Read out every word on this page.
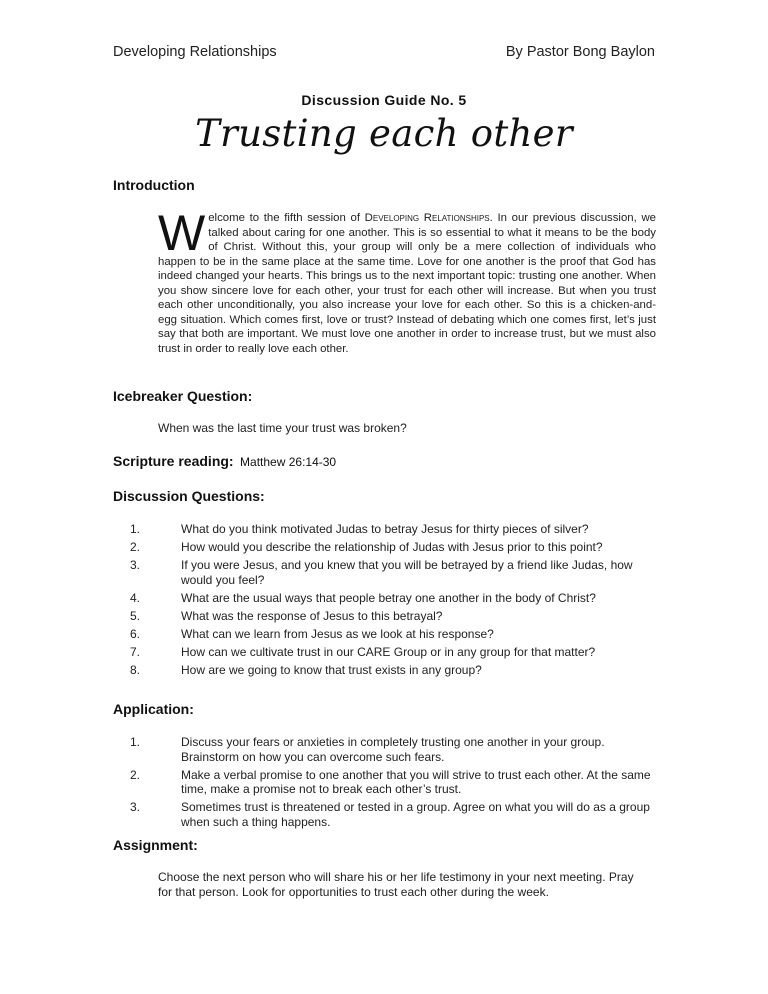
Developing Relationships	By Pastor Bong Baylon
Discussion Guide No. 5
Trusting each other
Introduction
Welcome to the fifth session of Developing Relationships. In our previous discussion, we talked about caring for one another. This is so essential to what it means to be the body of Christ. Without this, your group will only be a mere collection of individuals who happen to be in the same place at the same time. Love for one another is the proof that God has indeed changed your hearts. This brings us to the next important topic: trusting one another. When you show sincere love for each other, your trust for each other will increase. But when you trust each other unconditionally, you also increase your love for each other. So this is a chicken-and-egg situation. Which comes first, love or trust? Instead of debating which one comes first, let’s just say that both are important. We must love one another in order to increase trust, but we must also trust in order to really love each other.
Icebreaker Question:
When was the last time your trust was broken?
Scripture reading: Matthew 26:14-30
Discussion Questions:
1.	What do you think motivated Judas to betray Jesus for thirty pieces of silver?
2.	How would you describe the relationship of Judas with Jesus prior to this point?
3.	If you were Jesus, and you knew that you will be betrayed by a friend like Judas, how would you feel?
4.	What are the usual ways that people betray one another in the body of Christ?
5.	What was the response of Jesus to this betrayal?
6.	What can we learn from Jesus as we look at his response?
7.	How can we cultivate trust in our CARE Group or in any group for that matter?
8.	How are we going to know that trust exists in any group?
Application:
1.	Discuss your fears or anxieties in completely trusting one another in your group. Brainstorm on how you can overcome such fears.
2.	Make a verbal promise to one another that you will strive to trust each other. At the same time, make a promise not to break each other’s trust.
3.	Sometimes trust is threatened or tested in a group. Agree on what you will do as a group when such a thing happens.
Assignment:
Choose the next person who will share his or her life testimony in your next meeting. Pray for that person. Look for opportunities to trust each other during the week.
